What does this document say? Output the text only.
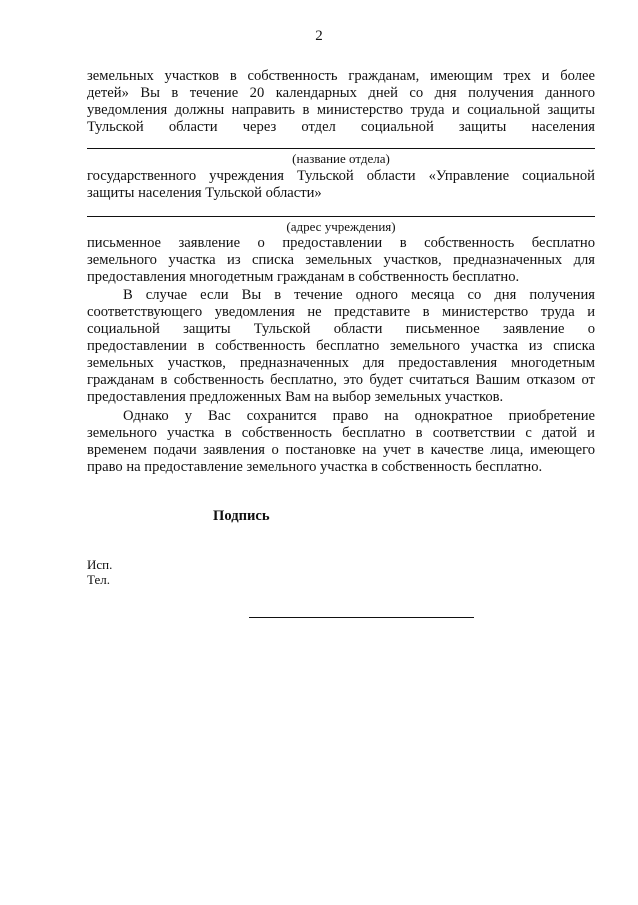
2
земельных участков в собственность гражданам, имеющим трех и более
детей» Вы в течение 20 календарных дней со дня получения данного
уведомления должны направить в министерство труда и социальной защиты
Тульской области через отдел социальной защиты населения
(название отдела)
государственного учреждения Тульской области «Управление социальной
защиты населения Тульской области»
(адрес учреждения)
письменное заявление о предоставлении в собственность бесплатно
земельного участка из списка земельных участков, предназначенных для
предоставления многодетным гражданам в собственность бесплатно.
В случае если Вы в течение одного месяца со дня получения
соответствующего уведомления не представите в министерство труда и
социальной защиты Тульской области письменное заявление о
предоставлении в собственность бесплатно земельного участка из списка
земельных участков, предназначенных для предоставления многодетным
гражданам в собственность бесплатно, это будет считаться Вашим отказом от
предоставления предложенных Вам на выбор земельных участков.
Однако у Вас сохранится право на однократное приобретение
земельного участка в собственность бесплатно в соответствии с датой и
временем подачи заявления о постановке на учет в качестве лица, имеющего
право на предоставление земельного участка в собственность бесплатно.
Подпись
Исп.
Тел.
